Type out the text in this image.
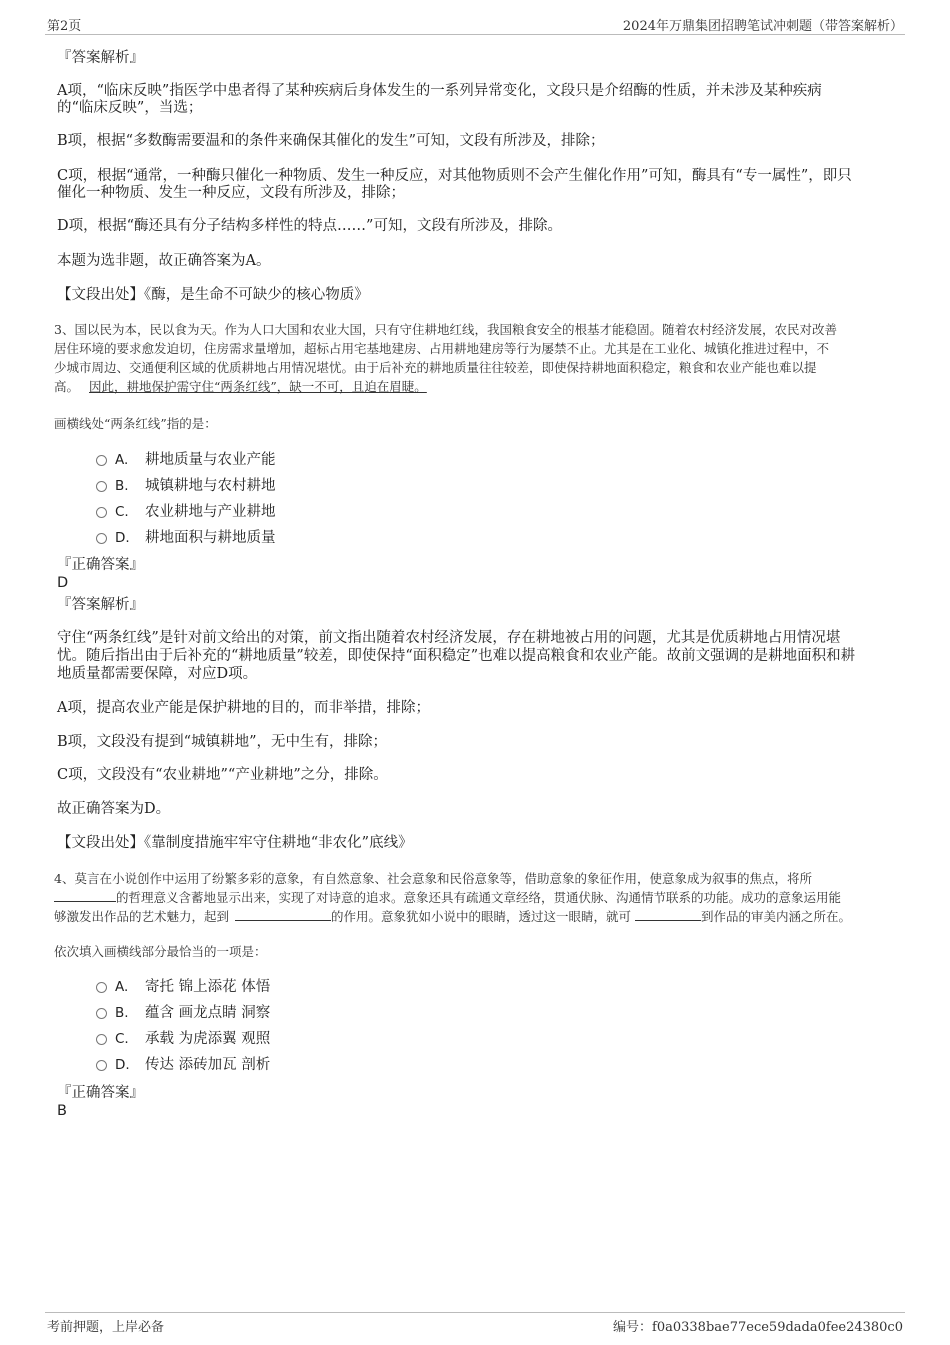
第2页	2024年万鼎集团招聘笔试冲刺题（带答案解析）
『答案解析』
A项，“临床反映”指医学中患者得了某种疾病后身体发生的一系列异常变化，文段只是介绍酶的性质，并未涉及某种疾病
的“临床反映”，当选；
B项，根据“多数酶需要温和的条件来确保其催化的发生”可知，文段有所涉及，排除；
C项，根据“通常，一种酶只催化一种物质、发生一种反应，对其他物质则不会产生催化作用”可知，酶具有“专一属性”，即只
催化一种物质、发生一种反应，文段有所涉及，排除；
D项，根据“酶还具有分子结构多样性的特点……”可知，文段有所涉及，排除。
本题为选非题，故正确答案为A。
【文段出处】《酶，是生命不可缺少的核心物质》
3、国以民为本，民以食为天。作为人口大国和农业大国，只有守住耕地红线，我国粮食安全的根基才能稳固。随着农村经济发展，农民对改善
居住环境的要求愈发迫切，住房需求量增加，超标占用宅基地建房、占用耕地建房等行为屡禁不止。尤其是在工业化、城镇化推进过程中，不
少城市周边、交通便利区域的优质耕地占用情况堪忧。由于后补充的耕地质量往往较差，即使保持耕地面积稳定，粮食和农业产能也难以提
高。 因此，耕地保护需守住“两条红线”，缺一不可，且迫在眉睫。
画横线处“两条红线”指的是：
A. 耕地质量与农业产能
B. 城镇耕地与农村耕地
C. 农业耕地与产业耕地
D. 耕地面积与耕地质量
『正确答案』
D
『答案解析』
守住“两条红线”是针对前文给出的对策，前文指出随着农村经济发展，存在耕地被占用的问题，尤其是优质耕地占用情况堪
忧。随后指出由于后补充的“耕地质量”较差，即使保持“面积稳定”也难以提高粮食和农业产能。故前文强调的是耕地面积和耕
地质量都需要保障，对应D项。
A项，提高农业产能是保护耕地的目的，而非举措，排除；
B项，文段没有提到“城镇耕地”，无中生有，排除；
C项，文段没有“农业耕地”“产业耕地”之分，排除。
故正确答案为D。
【文段出处】《靠制度措施牢牢守住耕地“非农化”底线》
4、莫言在小说创作中运用了纷繁多彩的意象，有自然意象、社会意象和民俗意象等，借助意象的象征作用，使意象成为叙事的焦点，将所
的哲理意义含蓄地显示出来，实现了对诗意的追求。意象还具有疏通文章经络，贯通伏脉、沟通情节联系的功能。成功的意象运用能
够激发出作品的艺术魅力，起到	的作用。意象犹如小说中的眼睛，透过这一眼睛，就可	到作品的审美内涵之所在。
依次填入画横线部分最恰当的一项是：
A. 寄托 锦上添花 体悟
B. 蕴含 画龙点睛 洞察
C. 承载 为虎添翼 观照
D. 传达 添砖加瓦 剖析
『正确答案』
B
考前押题，上岸必备	编号：f0a0338bae77ece59dada0fee24380c0
